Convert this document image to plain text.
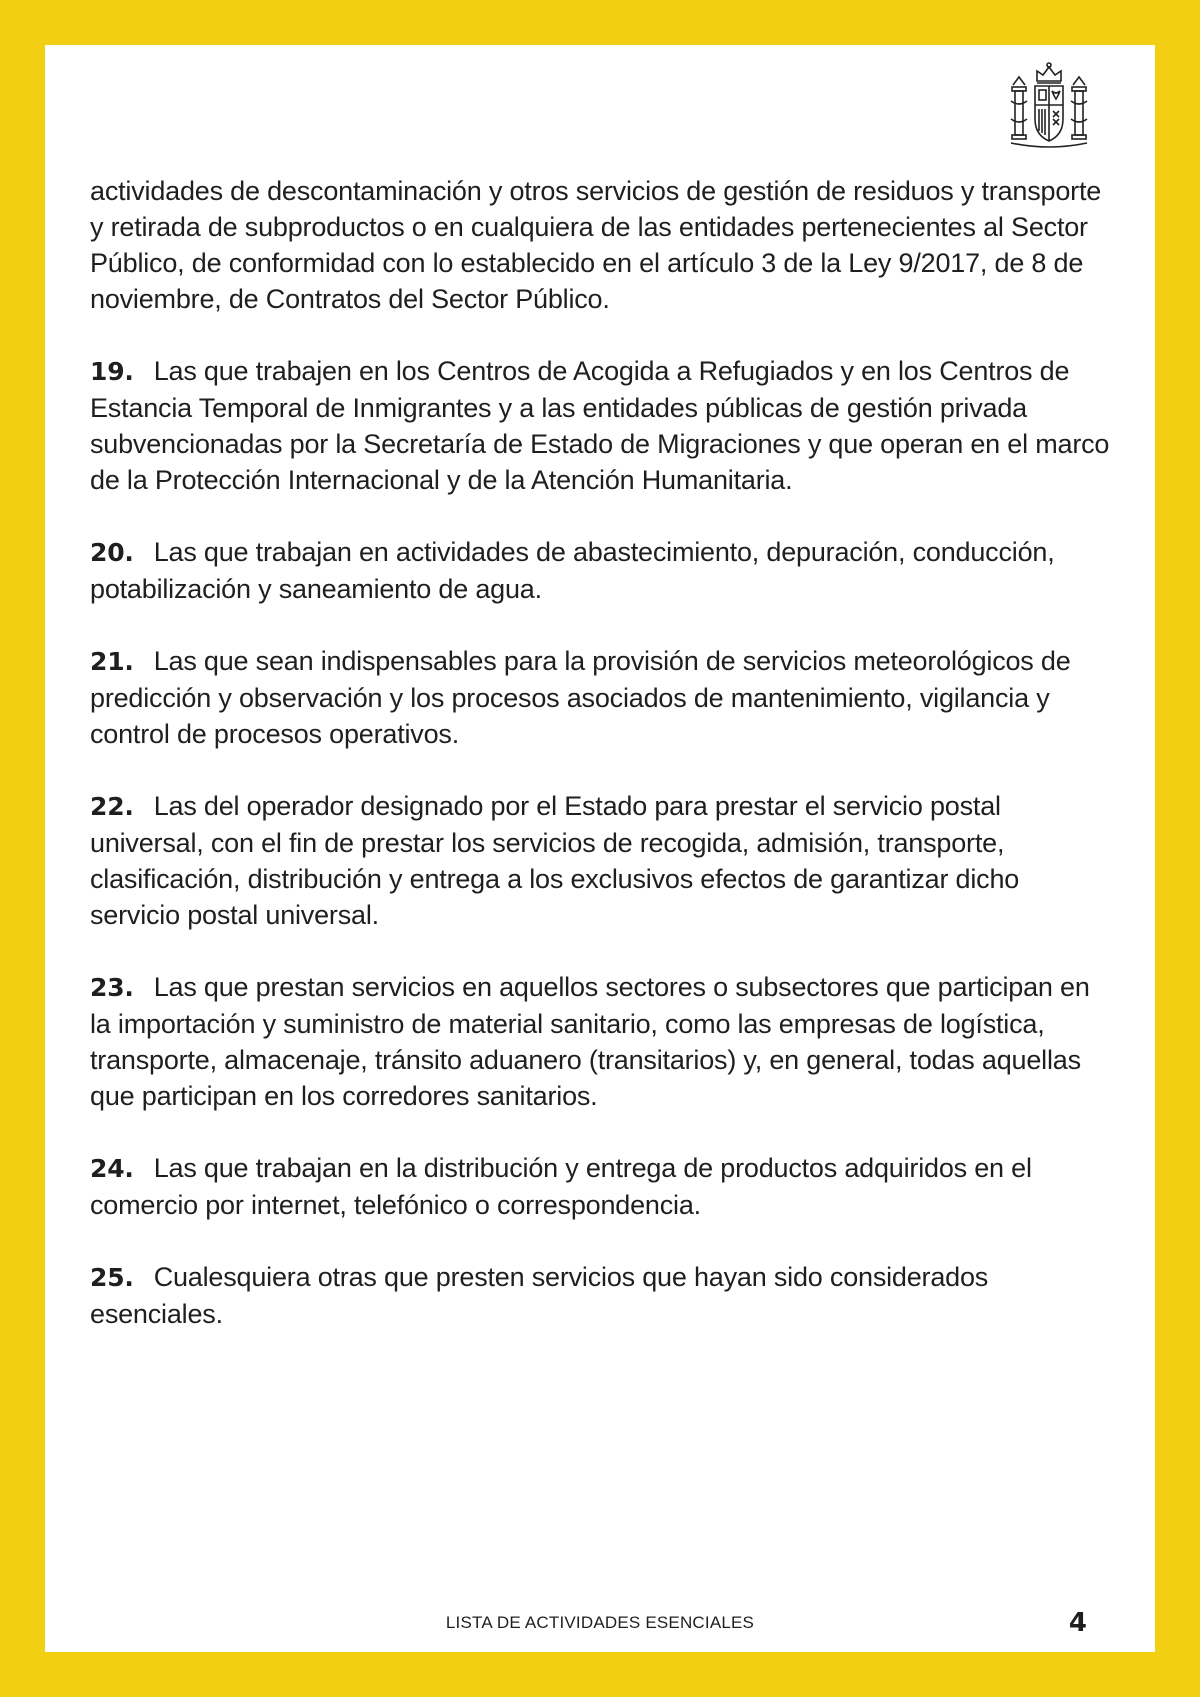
actividades de descontaminación y otros servicios de gestión de residuos y transporte y retirada de subproductos o en cualquiera de las entidades pertenecientes al Sector Público, de conformidad con lo establecido en el artículo 3 de la Ley 9/2017, de 8 de noviembre, de Contratos del Sector Público.

19. Las que trabajen en los Centros de Acogida a Refugiados y en los Centros de Estancia Temporal de Inmigrantes y a las entidades públicas de gestión privada subvencionadas por la Secretaría de Estado de Migraciones y que operan en el marco de la Protección Internacional y de la Atención Humanitaria.

20. Las que trabajan en actividades de abastecimiento, depuración, conducción, potabilización y saneamiento de agua.

21. Las que sean indispensables para la provisión de servicios meteorológicos de predicción y observación y los procesos asociados de mantenimiento, vigilancia y control de procesos operativos.

22. Las del operador designado por el Estado para prestar el servicio postal universal, con el fin de prestar los servicios de recogida, admisión, transporte, clasificación, distribución y entrega a los exclusivos efectos de garantizar dicho servicio postal universal.

23. Las que prestan servicios en aquellos sectores o subsectores que participan en la importación y suministro de material sanitario, como las empresas de logística, transporte, almacenaje, tránsito aduanero (transitarios) y, en general, todas aquellas que participan en los corredores sanitarios.

24. Las que trabajan en la distribución y entrega de productos adquiridos en el comercio por internet, telefónico o correspondencia.

25. Cualesquiera otras que presten servicios que hayan sido considerados esenciales.

LISTA DE ACTIVIDADES ESENCIALES	4
